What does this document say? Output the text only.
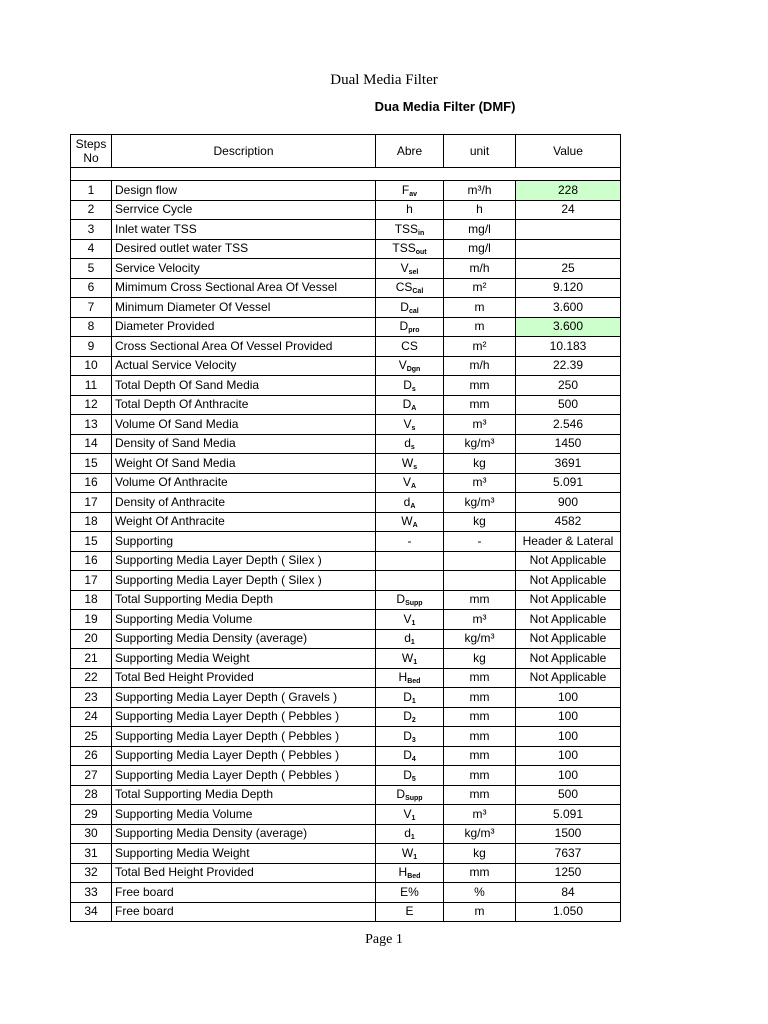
Dual Media Filter
Dua Media Filter (DMF)
Steps No	Description	Abre	unit	Value

1	Design flow	$F_{av}$	m³/h	228
2	Serrvice Cycle	h	h	24
3	Inlet water TSS	$TSS_{in}$	mg/l	
4	Desired outlet water TSS	$TSS_{out}$	mg/l	
5	Service Velocity	$V_{sel}$	m/h	25
6	Mimimum Cross Sectional Area Of Vessel	$CS_{Cal}$	m²	9.120
7	Minimum Diameter Of Vessel	$D_{cal}$	m	3.600
8	Diameter Provided	$D_{pro}$	m	3.600
9	Cross Sectional Area Of Vessel Provided	CS	m²	10.183
10	Actual Service Velocity	$V_{Dgn}$	m/h	22.39
11	Total Depth Of Sand Media	$D_s$	mm	250
12	Total Depth Of Anthracite	$D_A$	mm	500
13	Volume Of Sand Media	$V_s$	m³	2.546
14	Density of Sand Media	$d_s$	kg/m³	1450
15	Weight Of Sand Media	$W_s$	kg	3691
16	Volume Of Anthracite	$V_A$	m³	5.091
17	Density of Anthracite	$d_A$	kg/m³	900
18	Weight Of Anthracite	$W_A$	kg	4582
15	Supporting	-	-	Header & Lateral
16	Supporting Media Layer Depth ( Silex )			Not Applicable
17	Supporting Media Layer Depth ( Silex )			Not Applicable
18	Total Supporting Media Depth	$D_{Supp}$	mm	Not Applicable
19	Supporting Media Volume	$V_1$	m³	Not Applicable
20	Supporting Media Density (average)	$d_1$	kg/m³	Not Applicable
21	Supporting Media Weight	$W_1$	kg	Not Applicable
22	Total Bed Height Provided	$H_{Bed}$	mm	Not Applicable
23	Supporting Media Layer Depth ( Gravels )	$D_1$	mm	100
24	Supporting Media Layer Depth ( Pebbles )	$D_2$	mm	100
25	Supporting Media Layer Depth ( Pebbles )	$D_3$	mm	100
26	Supporting Media Layer Depth ( Pebbles )	$D_4$	mm	100
27	Supporting Media Layer Depth ( Pebbles )	$D_5$	mm	100
28	Total Supporting Media Depth	$D_{Supp}$	mm	500
29	Supporting Media Volume	$V_1$	m³	5.091
30	Supporting Media Density (average)	$d_1$	kg/m³	1500
31	Supporting Media Weight	$W_1$	kg	7637
32	Total Bed Height Provided	$H_{Bed}$	mm	1250
33	Free board	E%	%	84
34	Free board	E	m	1.050
Page 1
